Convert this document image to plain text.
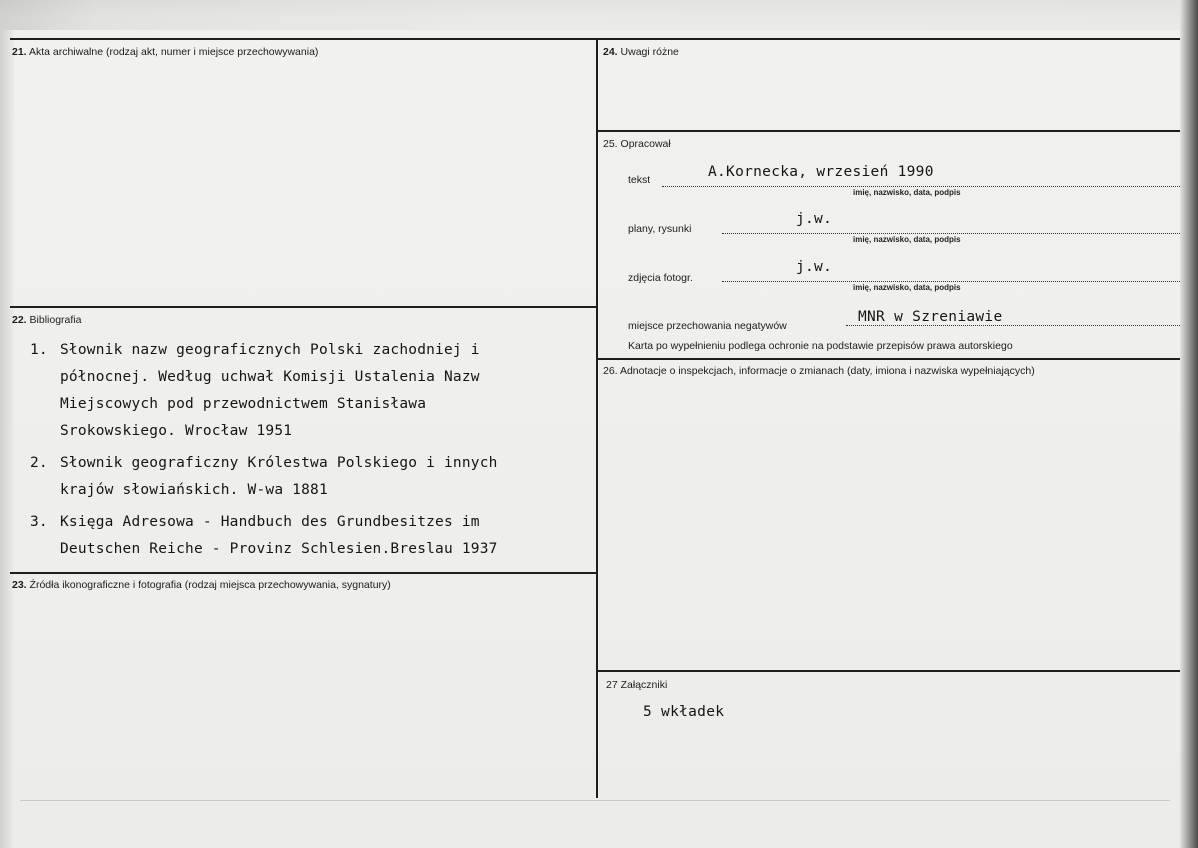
21. Akta archiwalne (rodzaj akt, numer i miejsce przechowywania)
22. Bibliografia
1. Słownik nazw geograficznych Polski zachodniej i
północnej. Według uchwał Komisji Ustalenia Nazw
Miejscowych pod przewodnictwem Stanisława
Srokowskiego. Wrocław 1951
2. Słownik geograficzny Królestwa Polskiego i innych
krajów słowiańskich. W-wa 1881
3. Księga Adresowa - Handbuch des Grundbesitzes im
Deutschen Reiche - Provinz Schlesien.Breslau 1937
23. Źródła ikonograficzne i fotografia (rodzaj miejsca przechowywania, sygnatury)
24. Uwagi różne
25. Opracował
tekst	A.Kornecka, wrzesień 1990
imię, nazwisko, data, podpis
plany, rysunki
j.w.
imię, nazwisko, data, podpis
zdjęcia fotogr.
j.w.
imię, nazwisko, data, podpis
miejsce przechowania negatywów
MNR w Szreniawie
Karta po wypełnieniu podlega ochronie na podstawie przepisów prawa autorskiego
26. Adnotacje o inspekcjach, informacje o zmianach (daty, imiona i nazwiska wypełniających)
27 Załączniki
5 wkładek
